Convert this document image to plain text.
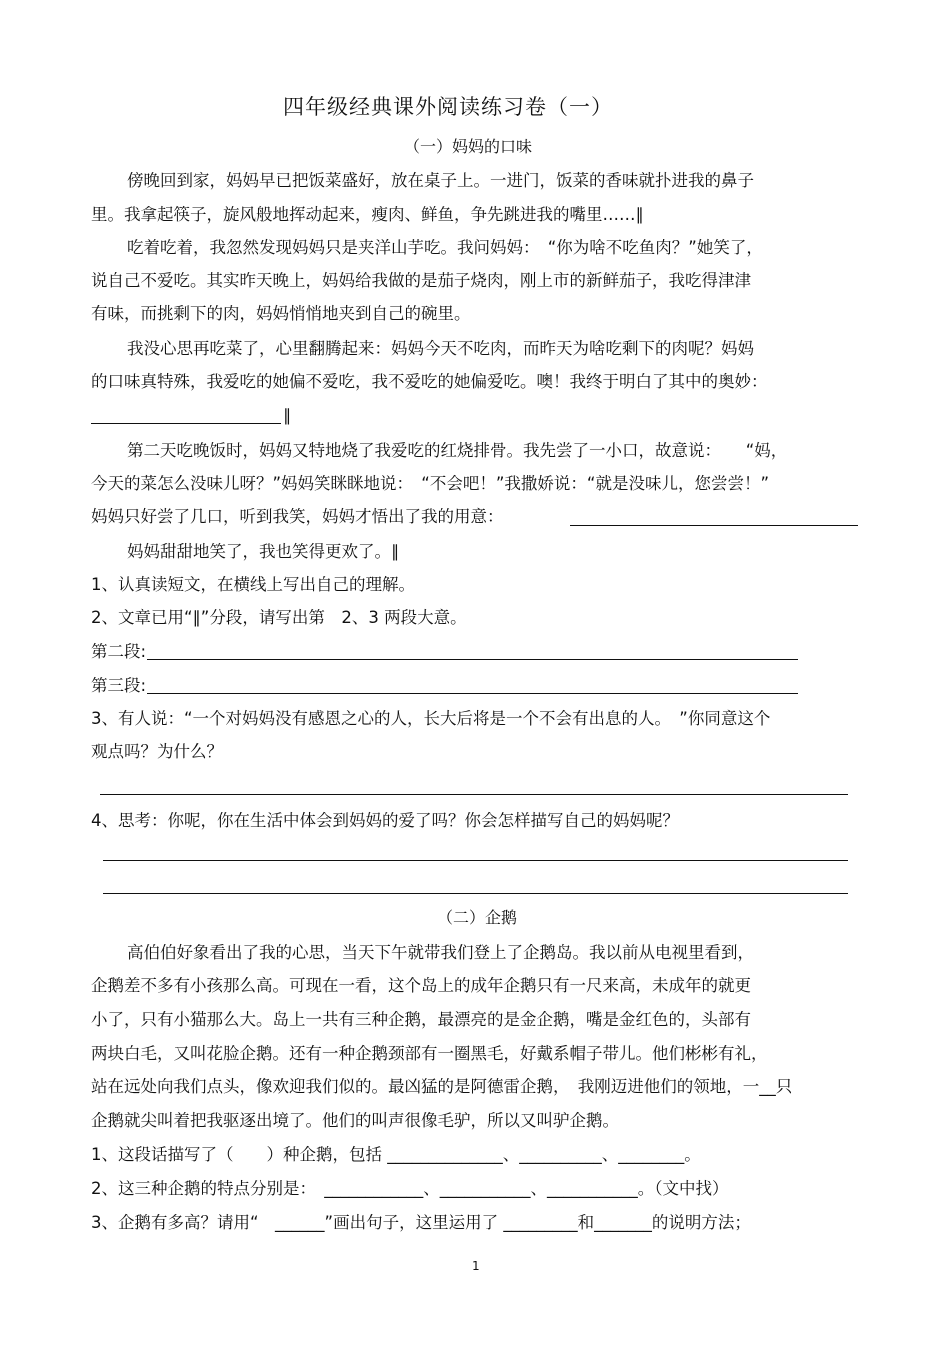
四年级经典课外阅读练习卷（一）
（一）妈妈的口味
傍晚回到家，妈妈早已把饭菜盛好，放在桌子上。一进门，饭菜的香味就扑进我的鼻子
里。我拿起筷子，旋风般地挥动起来，瘦肉、鲜鱼，争先跳进我的嘴里……∥
吃着吃着，我忽然发现妈妈只是夹洋山芋吃。我问妈妈：　“你为啥不吃鱼肉？”她笑了，
说自己不爱吃。其实昨天晚上，妈妈给我做的是茄子烧肉，刚上市的新鲜茄子，我吃得津津
有味，而挑剩下的肉，妈妈悄悄地夹到自己的碗里。
我没心思再吃菜了，心里翻腾起来：妈妈今天不吃肉，而昨天为啥吃剩下的肉呢？妈妈
的口味真特殊，我爱吃的她偏不爱吃，我不爱吃的她偏爱吃。噢！我终于明白了其中的奥妙：
∥
第二天吃晚饭时，妈妈又特地烧了我爱吃的红烧排骨。我先尝了一小口，故意说：　　“妈，
今天的菜怎么没味儿呀？”妈妈笑眯眯地说：　“不会吧！”我撒娇说：“就是没味儿，您尝尝！”
妈妈只好尝了几口，听到我笑，妈妈才悟出了我的用意：
妈妈甜甜地笑了，我也笑得更欢了。∥
1、认真读短文，在横线上写出自己的理解。
2、文章已用“∥”分段，请写出第　2、3 两段大意。
第二段:
第三段:
3、有人说：“一个对妈妈没有感恩之心的人，长大后将是一个不会有出息的人。　”你同意这个
观点吗？为什么？
4、思考：你呢，你在生活中体会到妈妈的爱了吗？你会怎样描写自己的妈妈呢？
（二）企鹅
高伯伯好象看出了我的心思，当天下午就带我们登上了企鹅岛。我以前从电视里看到，
企鹅差不多有小孩那么高。可现在一看，这个岛上的成年企鹅只有一尺来高，未成年的就更
小了，只有小猫那么大。岛上一共有三种企鹅，最漂亮的是金企鹅，嘴是金红色的，头部有
两块白毛，又叫花脸企鹅。还有一种企鹅颈部有一圈黑毛，好戴系帽子带儿。他们彬彬有礼，
站在远处向我们点头，像欢迎我们似的。最凶猛的是阿德雷企鹅，　我刚迈进他们的领地，一__只
企鹅就尖叫着把我驱逐出境了。他们的叫声很像毛驴，所以又叫驴企鹅。
1、这段话描写了（　　）种企鹅，包括 ______________、__________、________。
2、这三种企鹅的特点分别是：　____________、___________、___________。（文中找）
3、企鹅有多高？请用“　______”画出句子，这里运用了 _________和_______的说明方法；
1
